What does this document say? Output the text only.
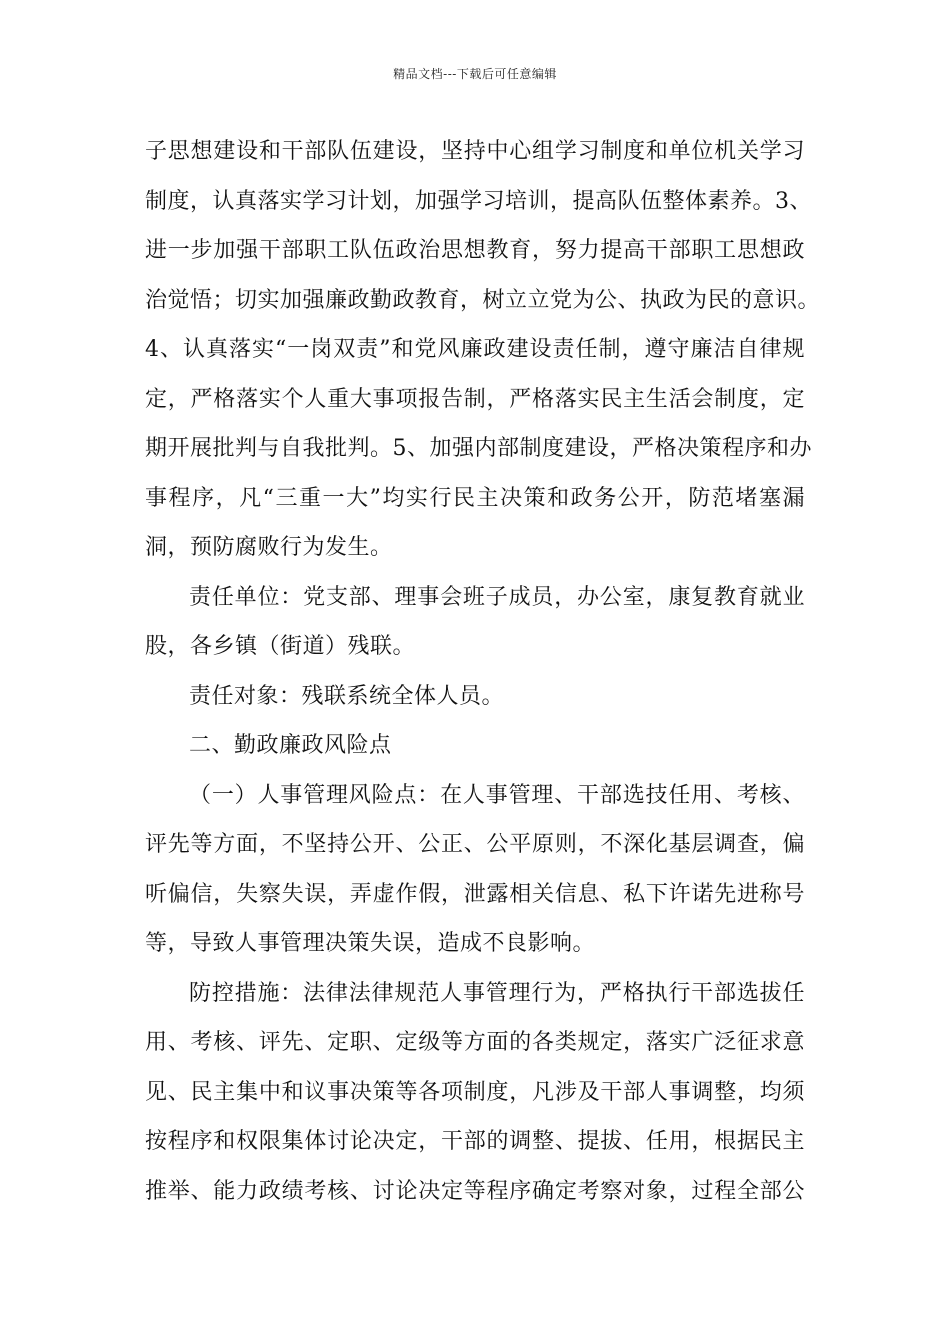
精品文档---下载后可任意编辑
子思想建设和干部队伍建设，坚持中心组学习制度和单位机关学习
制度，认真落实学习计划，加强学习培训，提高队伍整体素养。3、
进一步加强干部职工队伍政治思想教育，努力提高干部职工思想政
治觉悟；切实加强廉政勤政教育，树立立党为公、执政为民的意识。
4、认真落实“一岗双责”和党风廉政建设责任制，遵守廉洁自律规
定，严格落实个人重大事项报告制，严格落实民主生活会制度，定
期开展批判与自我批判。5、加强内部制度建设，严格决策程序和办
事程序，凡“三重一大”均实行民主决策和政务公开，防范堵塞漏
洞，预防腐败行为发生。
责任单位：党支部、理事会班子成员，办公室，康复教育就业
股，各乡镇（街道）残联。
责任对象：残联系统全体人员。
二、勤政廉政风险点
（一）人事管理风险点：在人事管理、干部选技任用、考核、
评先等方面，不坚持公开、公正、公平原则，不深化基层调查，偏
听偏信，失察失误，弄虚作假，泄露相关信息、私下许诺先进称号
等，导致人事管理决策失误，造成不良影响。
防控措施：法律法律规范人事管理行为，严格执行干部选拔任
用、考核、评先、定职、定级等方面的各类规定，落实广泛征求意
见、民主集中和议事决策等各项制度，凡涉及干部人事调整，均须
按程序和权限集体讨论决定，干部的调整、提拔、任用，根据民主
推举、能力政绩考核、讨论决定等程序确定考察对象，过程全部公
